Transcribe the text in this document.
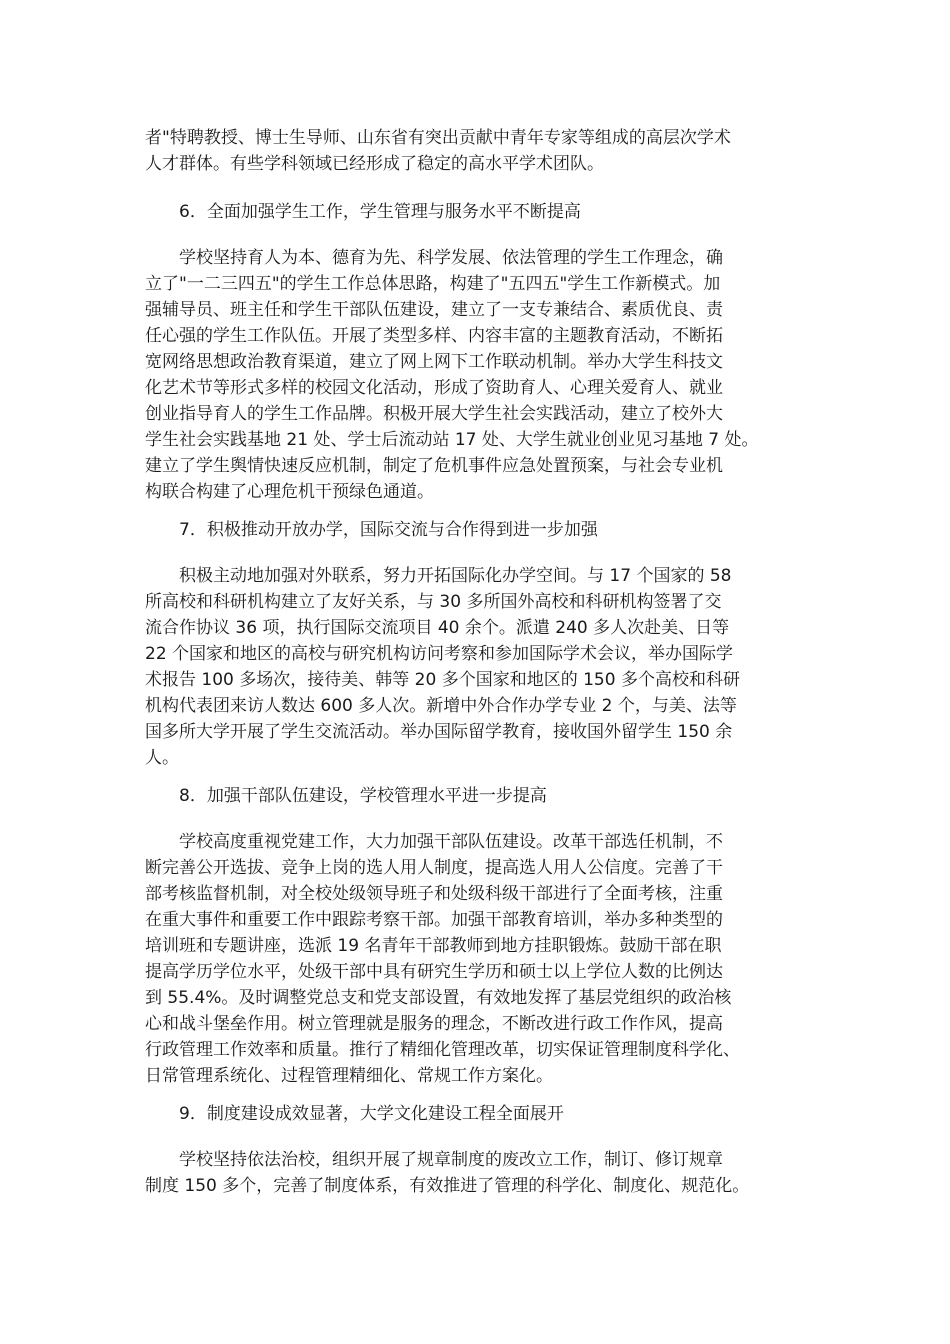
者"特聘教授、博士生导师、山东省有突出贡献中青年专家等组成的高层次学术
人才群体。有些学科领域已经形成了稳定的高水平学术团队。
6．全面加强学生工作，学生管理与服务水平不断提高
学校坚持育人为本、德育为先、科学发展、依法管理的学生工作理念，确
立了"一二三四五"的学生工作总体思路，构建了"五四五"学生工作新模式。加
强辅导员、班主任和学生干部队伍建设，建立了一支专兼结合、素质优良、责
任心强的学生工作队伍。开展了类型多样、内容丰富的主题教育活动，不断拓
宽网络思想政治教育渠道，建立了网上网下工作联动机制。举办大学生科技文
化艺术节等形式多样的校园文化活动，形成了资助育人、心理关爱育人、就业
创业指导育人的学生工作品牌。积极开展大学生社会实践活动，建立了校外大
学生社会实践基地 21 处、学士后流动站 17 处、大学生就业创业见习基地 7 处。
建立了学生舆情快速反应机制，制定了危机事件应急处置预案，与社会专业机
构联合构建了心理危机干预绿色通道。
7．积极推动开放办学，国际交流与合作得到进一步加强
积极主动地加强对外联系，努力开拓国际化办学空间。与 17 个国家的 58
所高校和科研机构建立了友好关系，与 30 多所国外高校和科研机构签署了交
流合作协议 36 项，执行国际交流项目 40 余个。派遣 240 多人次赴美、日等
22 个国家和地区的高校与研究机构访问考察和参加国际学术会议，举办国际学
术报告 100 多场次，接待美、韩等 20 多个国家和地区的 150 多个高校和科研
机构代表团来访人数达 600 多人次。新增中外合作办学专业 2 个，与美、法等
国多所大学开展了学生交流活动。举办国际留学教育，接收国外留学生 150 余
人。
8．加强干部队伍建设，学校管理水平进一步提高
学校高度重视党建工作，大力加强干部队伍建设。改革干部选任机制，不
断完善公开选拔、竞争上岗的选人用人制度，提高选人用人公信度。完善了干
部考核监督机制，对全校处级领导班子和处级科级干部进行了全面考核，注重
在重大事件和重要工作中跟踪考察干部。加强干部教育培训，举办多种类型的
培训班和专题讲座，选派 19 名青年干部教师到地方挂职锻炼。鼓励干部在职
提高学历学位水平，处级干部中具有研究生学历和硕士以上学位人数的比例达
到 55.4%。及时调整党总支和党支部设置，有效地发挥了基层党组织的政治核
心和战斗堡垒作用。树立管理就是服务的理念，不断改进行政工作作风，提高
行政管理工作效率和质量。推行了精细化管理改革，切实保证管理制度科学化、
日常管理系统化、过程管理精细化、常规工作方案化。
9．制度建设成效显著，大学文化建设工程全面展开
学校坚持依法治校，组织开展了规章制度的废改立工作，制订、修订规章
制度 150 多个，完善了制度体系，有效推进了管理的科学化、制度化、规范化。
